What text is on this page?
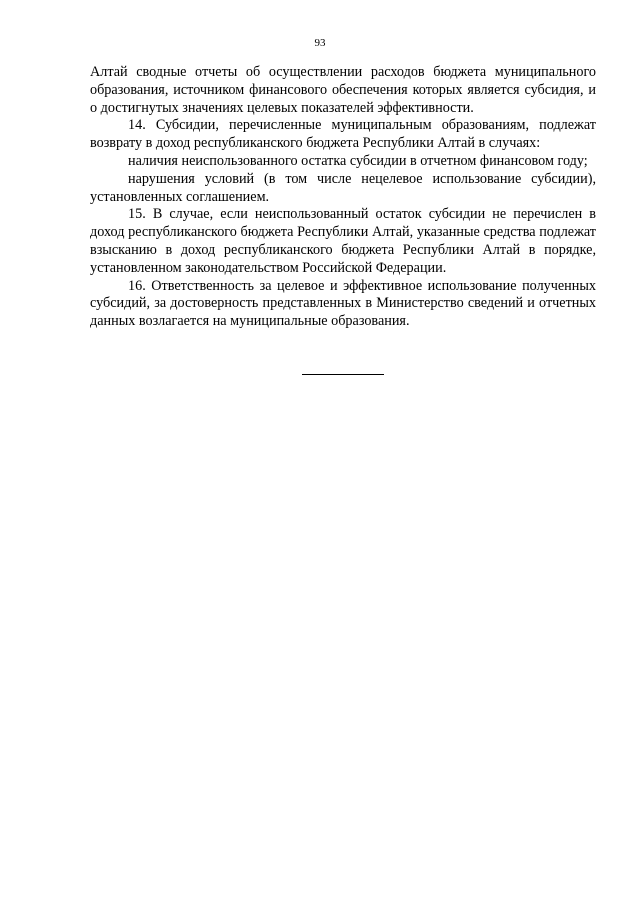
93

Алтай сводные отчеты об осуществлении расходов бюджета муниципального образования, источником финансового обеспечения которых является субсидия, и о достигнутых значениях целевых показателей эффективности.

14. Субсидии, перечисленные муниципальным образованиям, подлежат возврату в доход республиканского бюджета Республики Алтай в случаях:

наличия неиспользованного остатка субсидии в отчетном финансовом году;

нарушения условий (в том числе нецелевое использование субсидии), установленных соглашением.

15. В случае, если неиспользованный остаток субсидии не перечислен в доход республиканского бюджета Республики Алтай, указанные средства подлежат взысканию в доход республиканского бюджета Республики Алтай в порядке, установленном законодательством Российской Федерации.

16. Ответственность за целевое и эффективное использование полученных субсидий, за достоверность представленных в Министерство сведений и отчетных данных возлагается на муниципальные образования.
